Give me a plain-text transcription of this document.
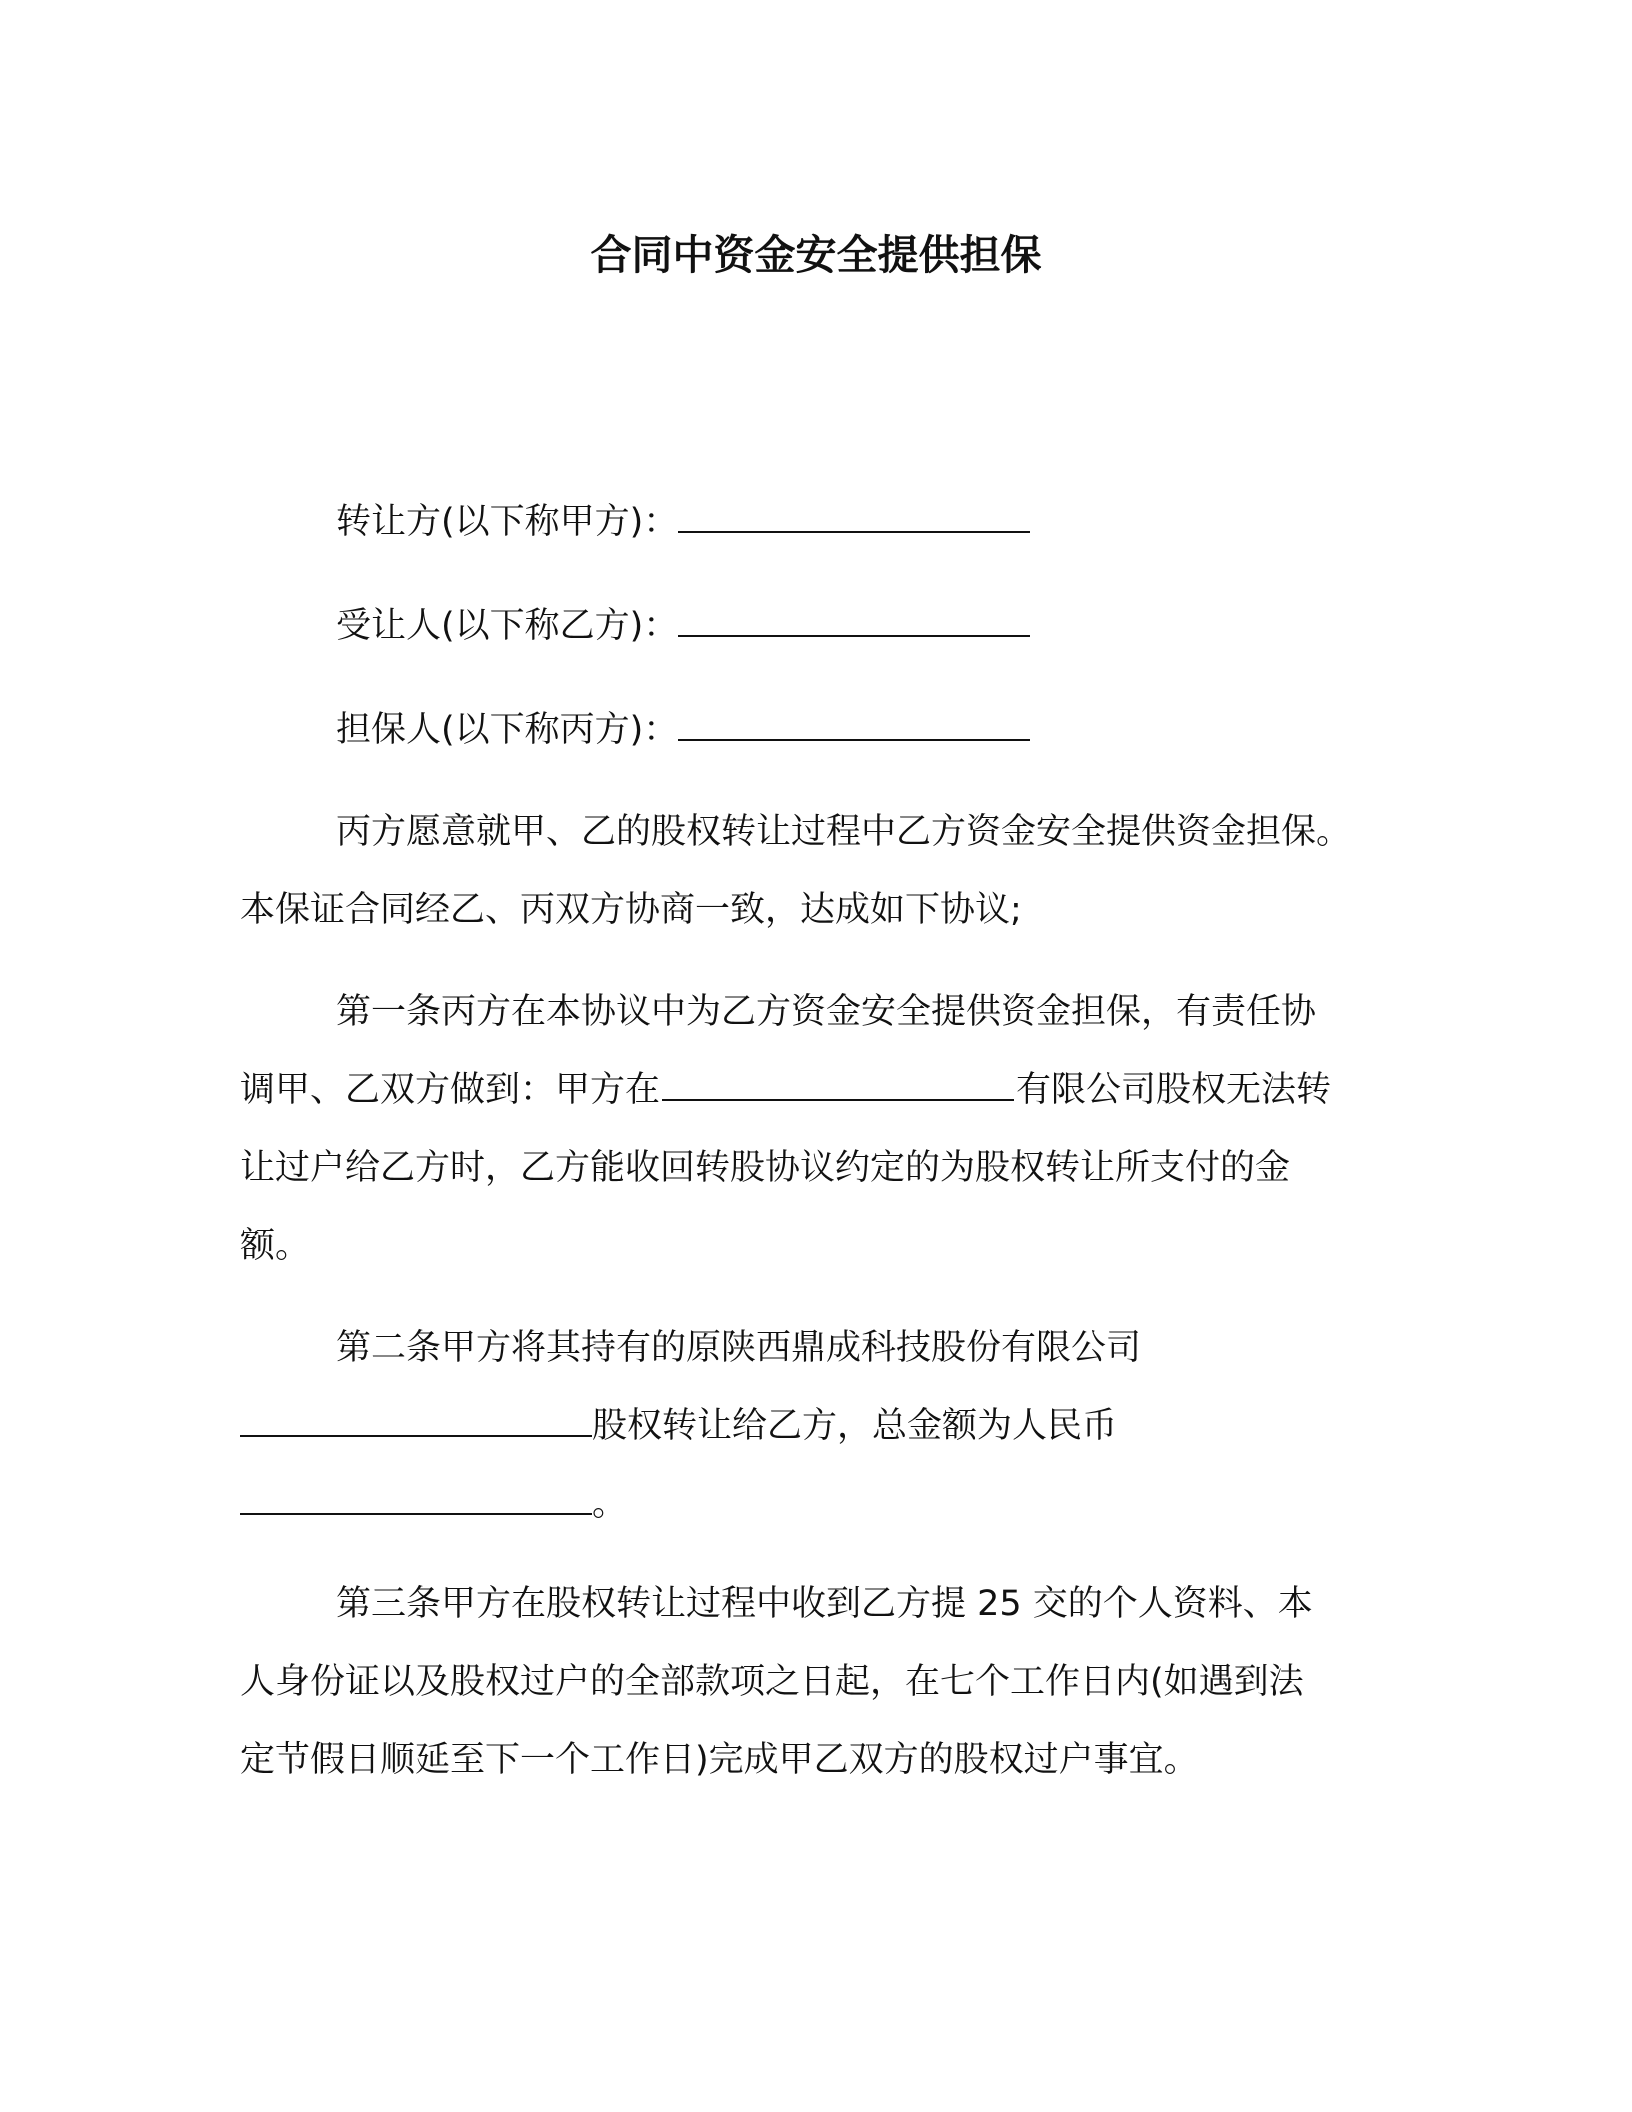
合同中资金安全提供担保
转让方(以下称甲方)：
受让人(以下称乙方)：
担保人(以下称丙方)：
丙方愿意就甲、乙的股权转让过程中乙方资金安全提供资金担保。
本保证合同经乙、丙双方协商一致，达成如下协议;
第一条丙方在本协议中为乙方资金安全提供资金担保，有责任协
调甲、乙双方做到：甲方在	有限公司股权无法转
让过户给乙方时，乙方能收回转股协议约定的为股权转让所支付的金
额。
第二条甲方将其持有的原陕西鼎成科技股份有限公司
股权转让给乙方，总金额为人民币
。
第三条甲方在股权转让过程中收到乙方提 25 交的个人资料、本
人身份证以及股权过户的全部款项之日起，在七个工作日内(如遇到法
定节假日顺延至下一个工作日)完成甲乙双方的股权过户事宜。
